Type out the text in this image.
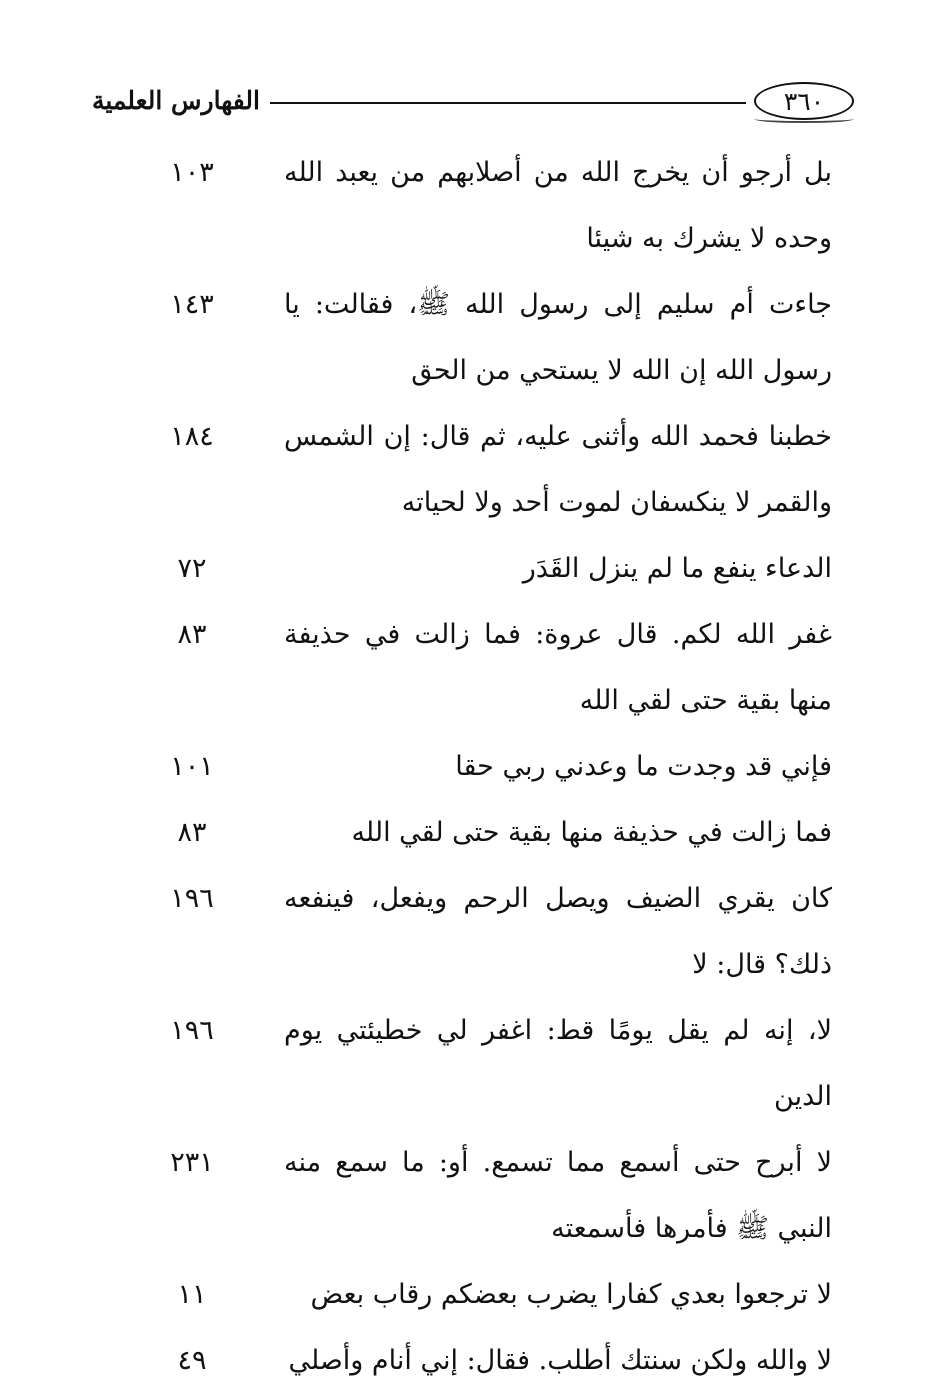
٣٦٠
الفهارس العلمية
بل أرجو أن يخرج الله من أصلابهم من يعبد الله وحده لا يشرك به شيئا
١٠٣
جاءت أم سليم إلى رسول الله ﷺ، فقالت: يا رسول الله إن الله لا يستحي من الحق
١٤٣
خطبنا فحمد الله وأثنى عليه، ثم قال: إن الشمس والقمر لا ينكسفان لموت أحد ولا لحياته
١٨٤
الدعاء ينفع ما لم ينزل القَدَر
٧٢
غفر الله لكم. قال عروة: فما زالت في حذيفة منها بقية حتى لقي الله
٨٣
فإني قد وجدت ما وعدني ربي حقا
١٠١
فما زالت في حذيفة منها بقية حتى لقي الله
٨٣
كان يقري الضيف ويصل الرحم ويفعل، فينفعه ذلك؟ قال: لا
١٩٦
لا، إنه لم يقل يومًا قط: اغفر لي خطيئتي يوم الدين
١٩٦
لا أبرح حتى أسمع مما تسمع. أو: ما سمع منه النبي ﷺ فأمرها فأسمعته
٢٣١
لا ترجعوا بعدي كفارا يضرب بعضكم رقاب بعض
١١
لا والله ولكن سنتك أطلب. فقال: إني أنام وأصلي
٤٩
